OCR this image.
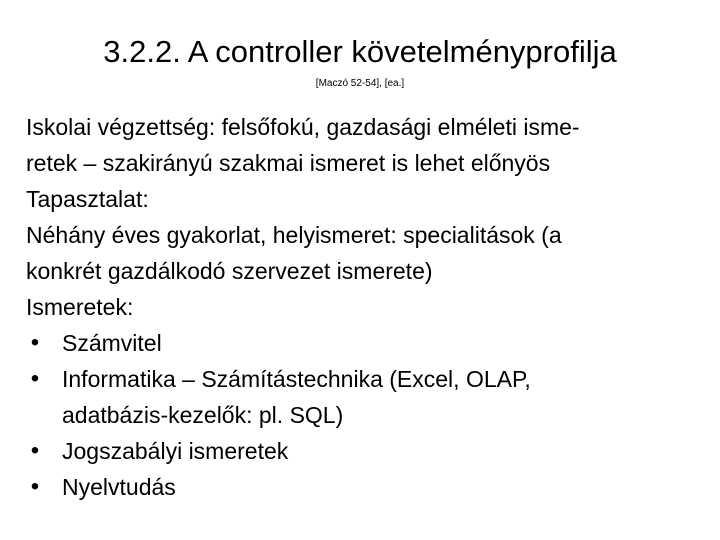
3.2.2. A controller követelményprofilja
[Maczó 52-54], [ea.]
Iskolai végzettség: felsőfokú, gazdasági elméleti isme-
retek – szakirányú szakmai ismeret is lehet előnyös
Tapasztalat:
Néhány éves gyakorlat, helyismeret: specialitások (a
konkrét gazdálkodó szervezet ismerete)
Ismeretek:
• Számvitel
• Informatika – Számítástechnika (Excel, OLAP,
adatbázis-kezelők: pl. SQL)
• Jogszabályi ismeretek
• Nyelvtudás
